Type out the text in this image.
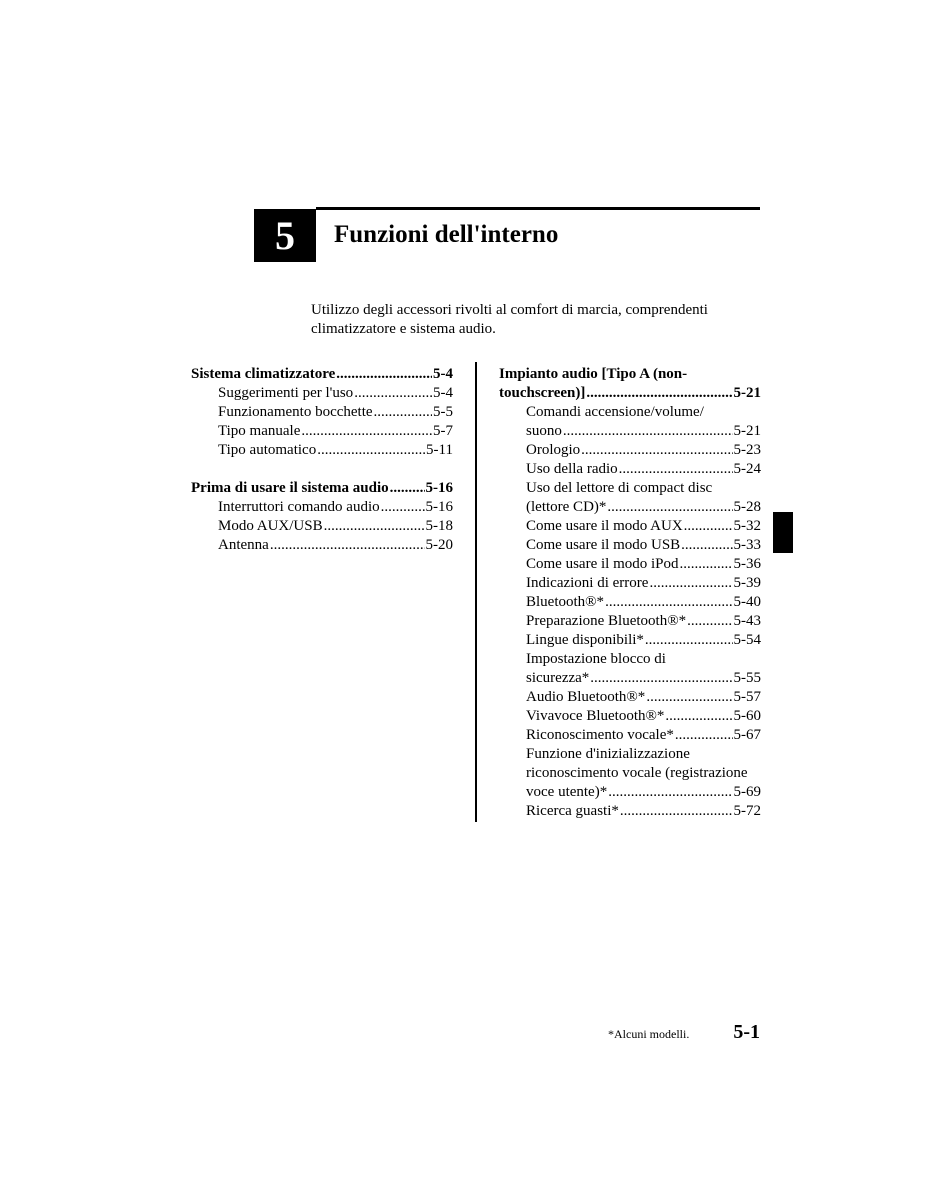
5	Funzioni dell'interno
Utilizzo degli accessori rivolti al comfort di marcia, comprendenti climatizzatore e sistema audio.
Sistema climatizzatore .....	5-4
Suggerimenti per l'uso .....	5-4
Funzionamento bocchette .....	5-5
Tipo manuale .....	5-7
Tipo automatico .....	5-11
Prima di usare il sistema audio ..... 5-16
Interruttori comando audio .....	5-16
Modo AUX/USB .....	5-18
Antenna .....	5-20
Impianto audio [Tipo A (non-
touchscreen)] .....	5-21
Comandi accensione/volume/
suono .....	5-21
Orologio .....	5-23
Uso della radio .....	5-24
Uso del lettore di compact disc
(lettore CD)* .....	5-28
Come usare il modo AUX .....	5-32
Come usare il modo USB .....	5-33
Come usare il modo iPod .....	5-36
Indicazioni di errore .....	5-39
Bluetooth®* .....	5-40
Preparazione Bluetooth®* .....	5-43
Lingue disponibili* .....	5-54
Impostazione blocco di
sicurezza* .....	5-55
Audio Bluetooth®* .....	5-57
Vivavoce Bluetooth®* .....	5-60
Riconoscimento vocale* .....	5-67
Funzione d'inizializzazione
riconoscimento vocale (registrazione
voce utente)* .....	5-69
Ricerca guasti* .....	5-72
*Alcuni modelli.	5-1
